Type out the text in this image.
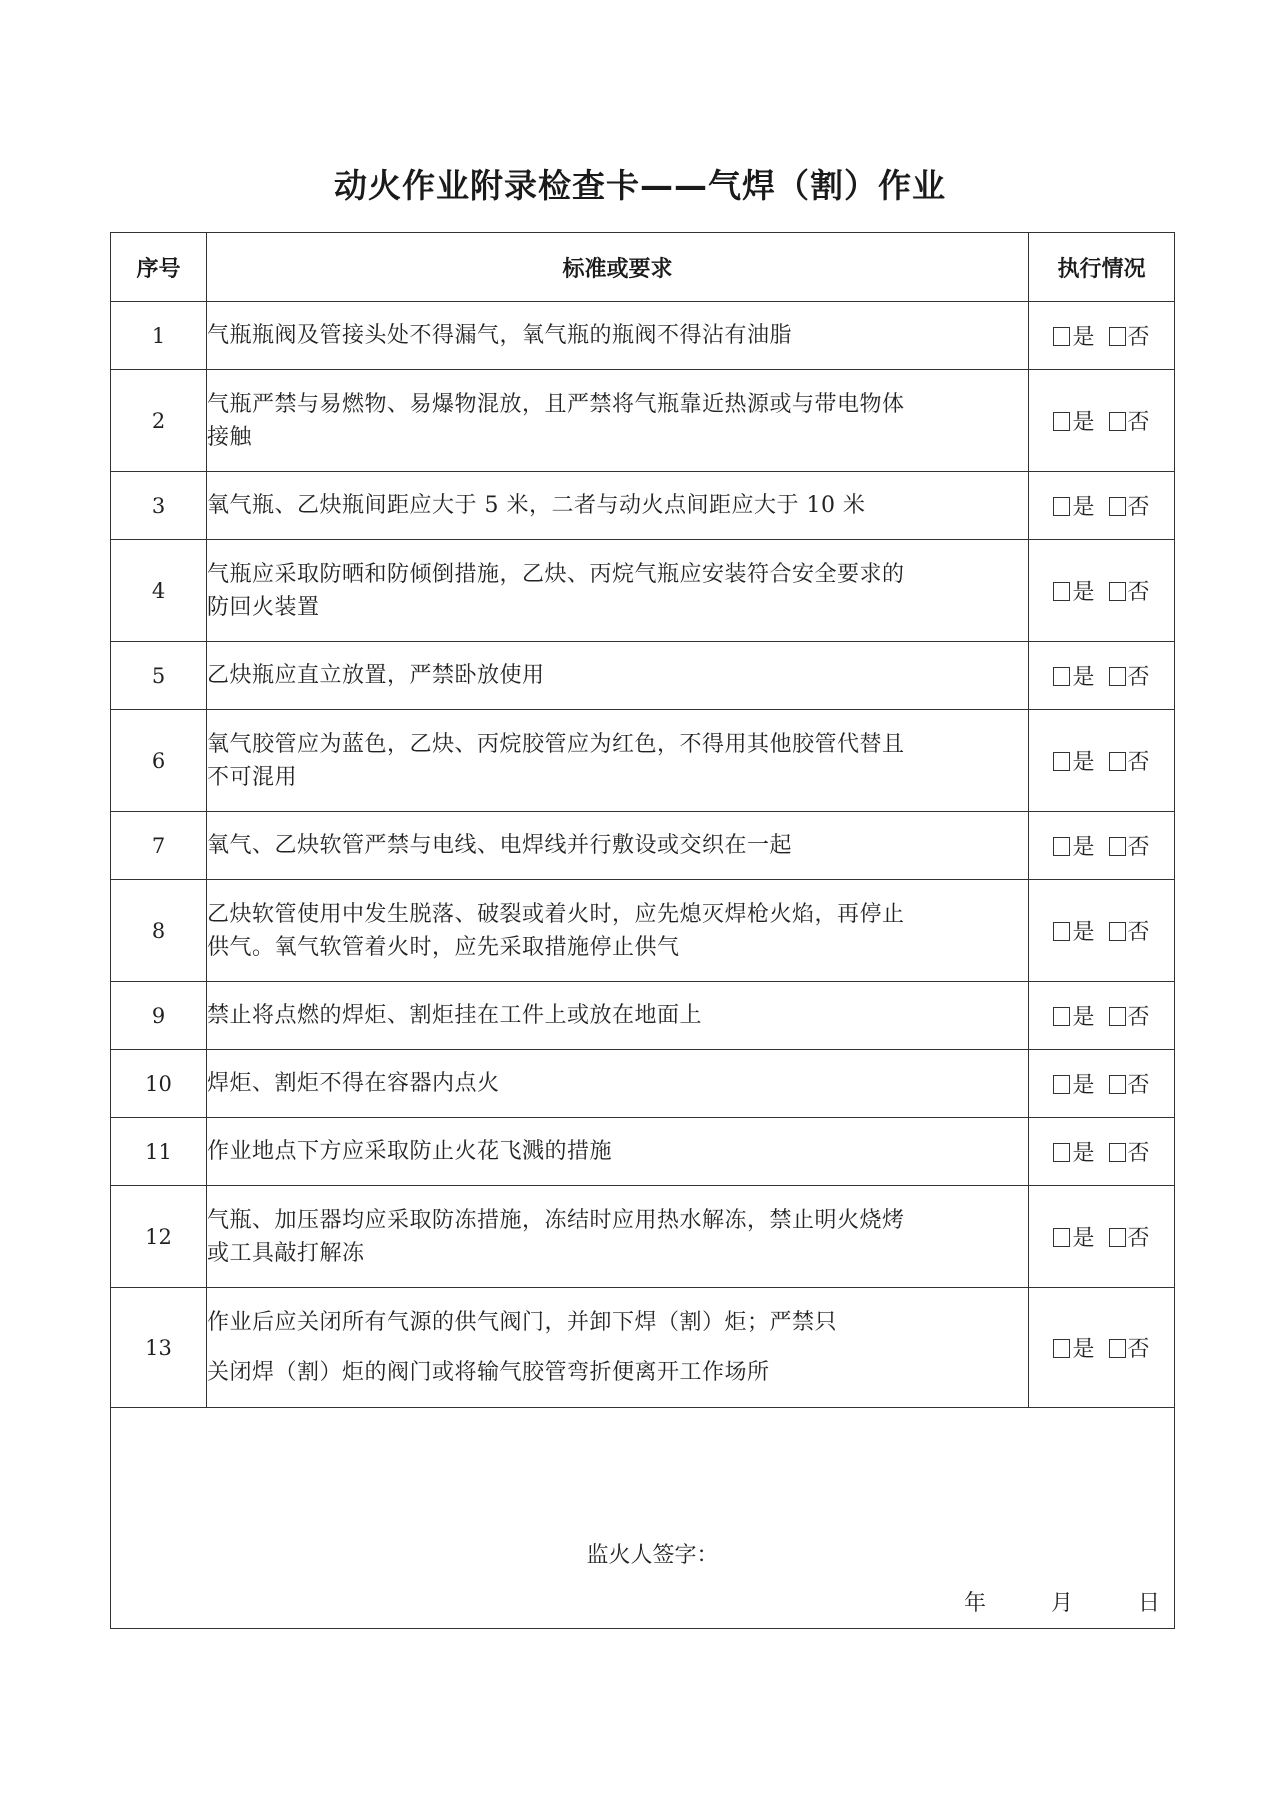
动火作业附录检查卡——气焊（割）作业
序号	标准或要求	执行情况
1	气瓶瓶阀及管接头处不得漏气，氧气瓶的瓶阀不得沾有油脂	是 否
2	气瓶严禁与易燃物、易爆物混放，且严禁将气瓶靠近热源或与带电物体
接触	是 否
3	氧气瓶、乙炔瓶间距应大于 5 米，二者与动火点间距应大于 10 米	是 否
4	气瓶应采取防晒和防倾倒措施，乙炔、丙烷气瓶应安装符合安全要求的
防回火装置	是 否
5	乙炔瓶应直立放置，严禁卧放使用	是 否
6	氧气胶管应为蓝色，乙炔、丙烷胶管应为红色，不得用其他胶管代替且
不可混用	是 否
7	氧气、乙炔软管严禁与电线、电焊线并行敷设或交织在一起	是 否
8	乙炔软管使用中发生脱落、破裂或着火时，应先熄灭焊枪火焰，再停止
供气。氧气软管着火时，应先采取措施停止供气	是 否
9	禁止将点燃的焊炬、割炬挂在工件上或放在地面上	是 否
10	焊炬、割炬不得在容器内点火	是 否
11	作业地点下方应采取防止火花飞溅的措施	是 否
12	气瓶、加压器均应采取防冻措施，冻结时应用热水解冻，禁止明火烧烤
或工具敲打解冻	是 否
13	作业后应关闭所有气源的供气阀门，并卸下焊（割）炬；严禁只
关闭焊（割）炬的阀门或将输气胶管弯折便离开工作场所	是 否

监火人签字：
年 月 日		
